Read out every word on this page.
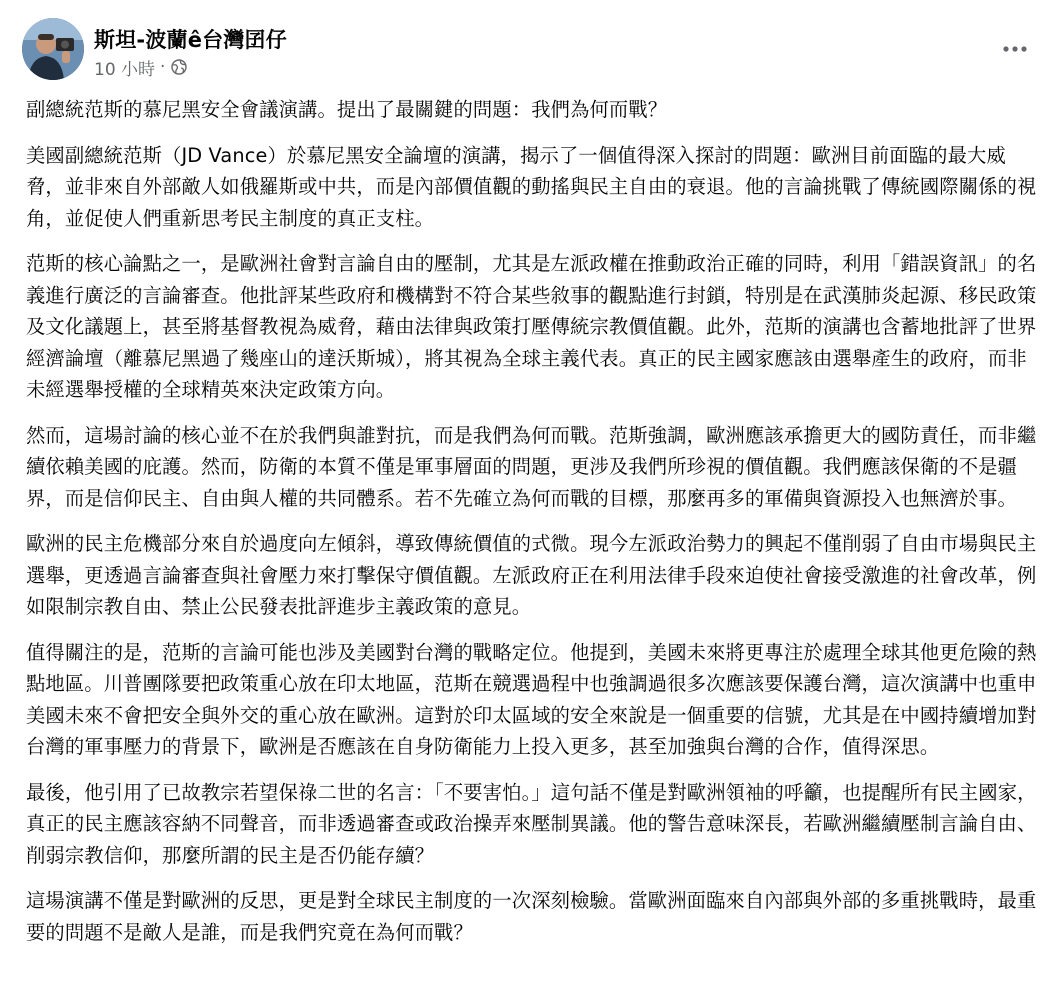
斯坦-波蘭ê台灣囝仔
10 小時 ·

副總統范斯的慕尼黑安全會議演講。提出了最關鍵的問題：我們為何而戰？

美國副總統范斯（JD Vance）於慕尼黑安全論壇的演講，揭示了一個值得深入探討的問題：歐洲目前面臨的最大威脅，並非來自外部敵人如俄羅斯或中共，而是內部價值觀的動搖與民主自由的衰退。他的言論挑戰了傳統國際關係的視角，並促使人們重新思考民主制度的真正支柱。

范斯的核心論點之一，是歐洲社會對言論自由的壓制，尤其是左派政權在推動政治正確的同時，利用「錯誤資訊」的名義進行廣泛的言論審查。他批評某些政府和機構對不符合某些敘事的觀點進行封鎖，特別是在武漢肺炎起源、移民政策及文化議題上，甚至將基督教視為威脅，藉由法律與政策打壓傳統宗教價值觀。此外，范斯的演講也含蓄地批評了世界經濟論壇（離慕尼黑過了幾座山的達沃斯城），將其視為全球主義代表。真正的民主國家應該由選舉產生的政府，而非未經選舉授權的全球精英來決定政策方向。

然而，這場討論的核心並不在於我們與誰對抗，而是我們為何而戰。范斯強調，歐洲應該承擔更大的國防責任，而非繼續依賴美國的庇護。然而，防衛的本質不僅是軍事層面的問題，更涉及我們所珍視的價值觀。我們應該保衛的不是疆界，而是信仰民主、自由與人權的共同體系。若不先確立為何而戰的目標，那麼再多的軍備與資源投入也無濟於事。

歐洲的民主危機部分來自於過度向左傾斜，導致傳統價值的式微。現今左派政治勢力的興起不僅削弱了自由市場與民主選舉，更透過言論審查與社會壓力來打擊保守價值觀。左派政府正在利用法律手段來迫使社會接受激進的社會改革，例如限制宗教自由、禁止公民發表批評進步主義政策的意見。

值得關注的是，范斯的言論可能也涉及美國對台灣的戰略定位。他提到，美國未來將更專注於處理全球其他更危險的熱點地區。川普團隊要把政策重心放在印太地區，范斯在競選過程中也強調過很多次應該要保護台灣，這次演講中也重申美國未來不會把安全與外交的重心放在歐洲。這對於印太區域的安全來說是一個重要的信號，尤其是在中國持續增加對台灣的軍事壓力的背景下，歐洲是否應該在自身防衛能力上投入更多，甚至加強與台灣的合作，值得深思。

最後，他引用了已故教宗若望保祿二世的名言：「不要害怕。」這句話不僅是對歐洲領袖的呼籲，也提醒所有民主國家，真正的民主應該容納不同聲音，而非透過審查或政治操弄來壓制異議。他的警告意味深長，若歐洲繼續壓制言論自由、削弱宗教信仰，那麼所謂的民主是否仍能存續？

這場演講不僅是對歐洲的反思，更是對全球民主制度的一次深刻檢驗。當歐洲面臨來自內部與外部的多重挑戰時，最重要的問題不是敵人是誰，而是我們究竟在為何而戰？
